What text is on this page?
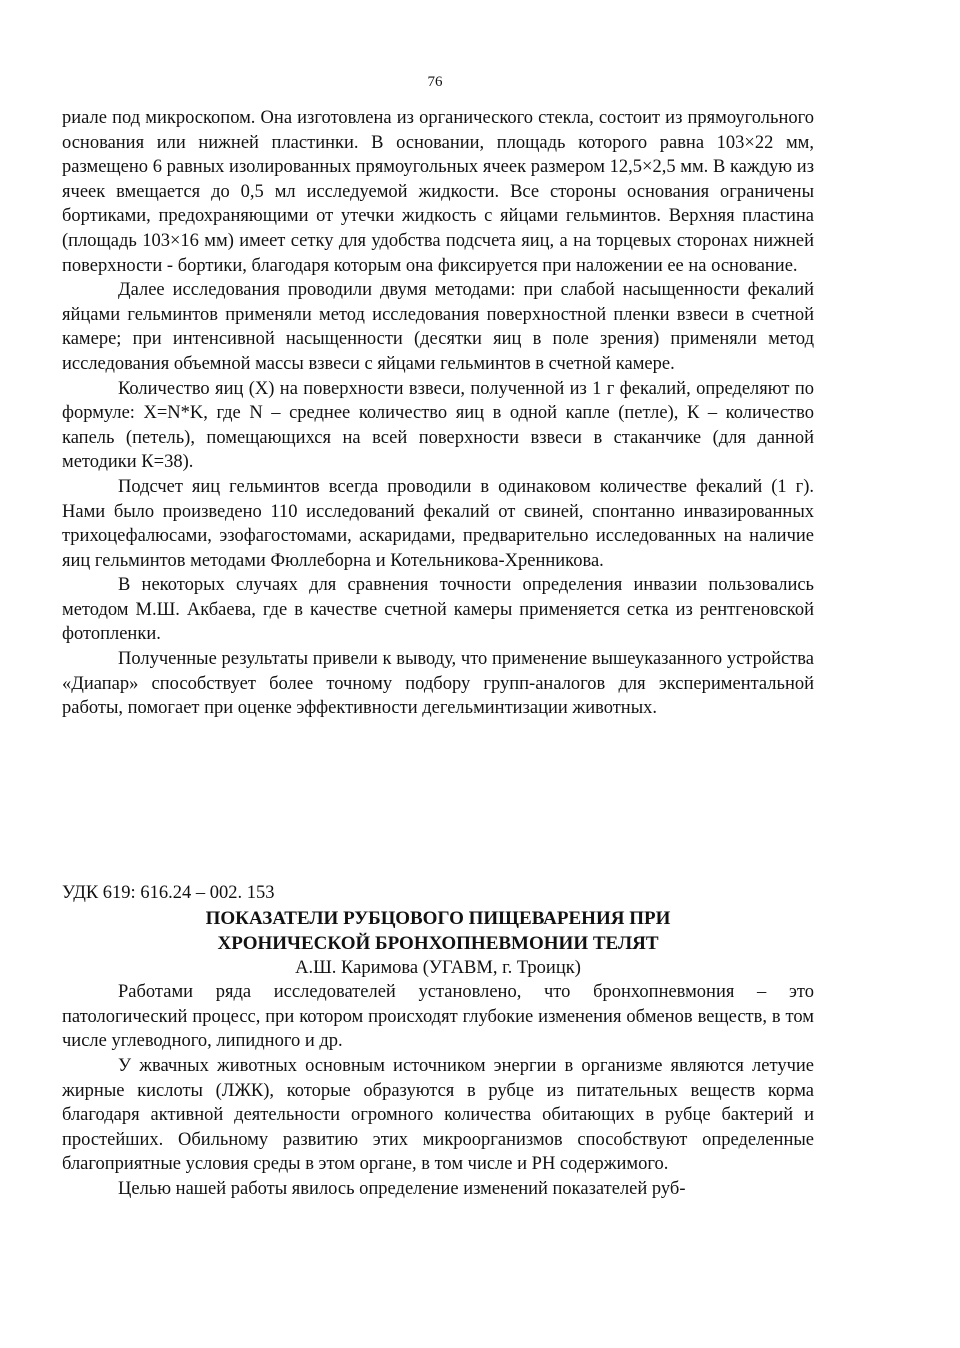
76

риале под микроскопом. Она изготовлена из органического стекла, состоит из прямоугольного основания или нижней пластинки. В основании, площадь которого равна 103×22 мм, размещено 6 равных изолированных прямоугольных ячеек размером 12,5×2,5 мм. В каждую из ячеек вмещается до 0,5 мл исследуемой жидкости. Все стороны основания ограничены бортиками, предохраняющими от утечки жидкость с яйцами гельминтов. Верхняя пластина (площадь 103×16 мм) имеет сетку для удобства подсчета яиц, а на торцевых сторонах нижней поверхности - бортики, благодаря которым она фиксируется при наложении ее на основание.

Далее исследования проводили двумя методами: при слабой насыщенности фекалий яйцами гельминтов применяли метод исследования поверхностной пленки взвеси в счетной камере; при интенсивной насыщенности (десятки яиц в поле зрения) применяли метод исследования объемной массы взвеси с яйцами гельминтов в счетной камере.

Количество яиц (Х) на поверхности взвеси, полученной из 1 г фекалий, определяют по формуле: X=N*K, где N – среднее количество яиц в одной капле (петле), К – количество капель (петель), помещающихся на всей поверхности взвеси в стаканчике (для данной методики К=38).

Подсчет яиц гельминтов всегда проводили в одинаковом количестве фекалий (1 г). Нами было произведено 110 исследований фекалий от свиней, спонтанно инвазированных трихоцефалюсами, эзофагостомами, аскаридами, предварительно исследованных на наличие яиц гельминтов методами Фюллеборна и Котельникова-Хренникова.

В некоторых случаях для сравнения точности определения инвазии пользовались методом М.Ш. Акбаева, где в качестве счетной камеры применяется сетка из рентгеновской фотопленки.

Полученные результаты привели к выводу, что применение вышеуказанного устройства «Диапар» способствует более точному подбору групп-аналогов для экспериментальной работы, помогает при оценке эффективности дегельминтизации животных.

УДК 619: 616.24 – 002. 153

ПОКАЗАТЕЛИ РУБЦОВОГО ПИЩЕВАРЕНИЯ ПРИ

ХРОНИЧЕСКОЙ БРОНХОПНЕВМОНИИ ТЕЛЯТ

А.Ш. Каримова (УГАВМ, г. Троицк)

Работами ряда исследователей установлено, что бронхопневмония – это патологический процесс, при котором происходят глубокие изменения обменов веществ, в том числе углеводного, липидного и др.

У жвачных животных основным источником энергии в организме являются летучие жирные кислоты (ЛЖК), которые образуются в рубце из питательных веществ корма благодаря активной деятельности огромного количества обитающих в рубце бактерий и простейших. Обильному развитию этих микроорганизмов способствуют определенные благоприятные условия среды в этом органе, в том числе и РН содержимого.

Целью нашей работы явилось определение изменений показателей руб-
